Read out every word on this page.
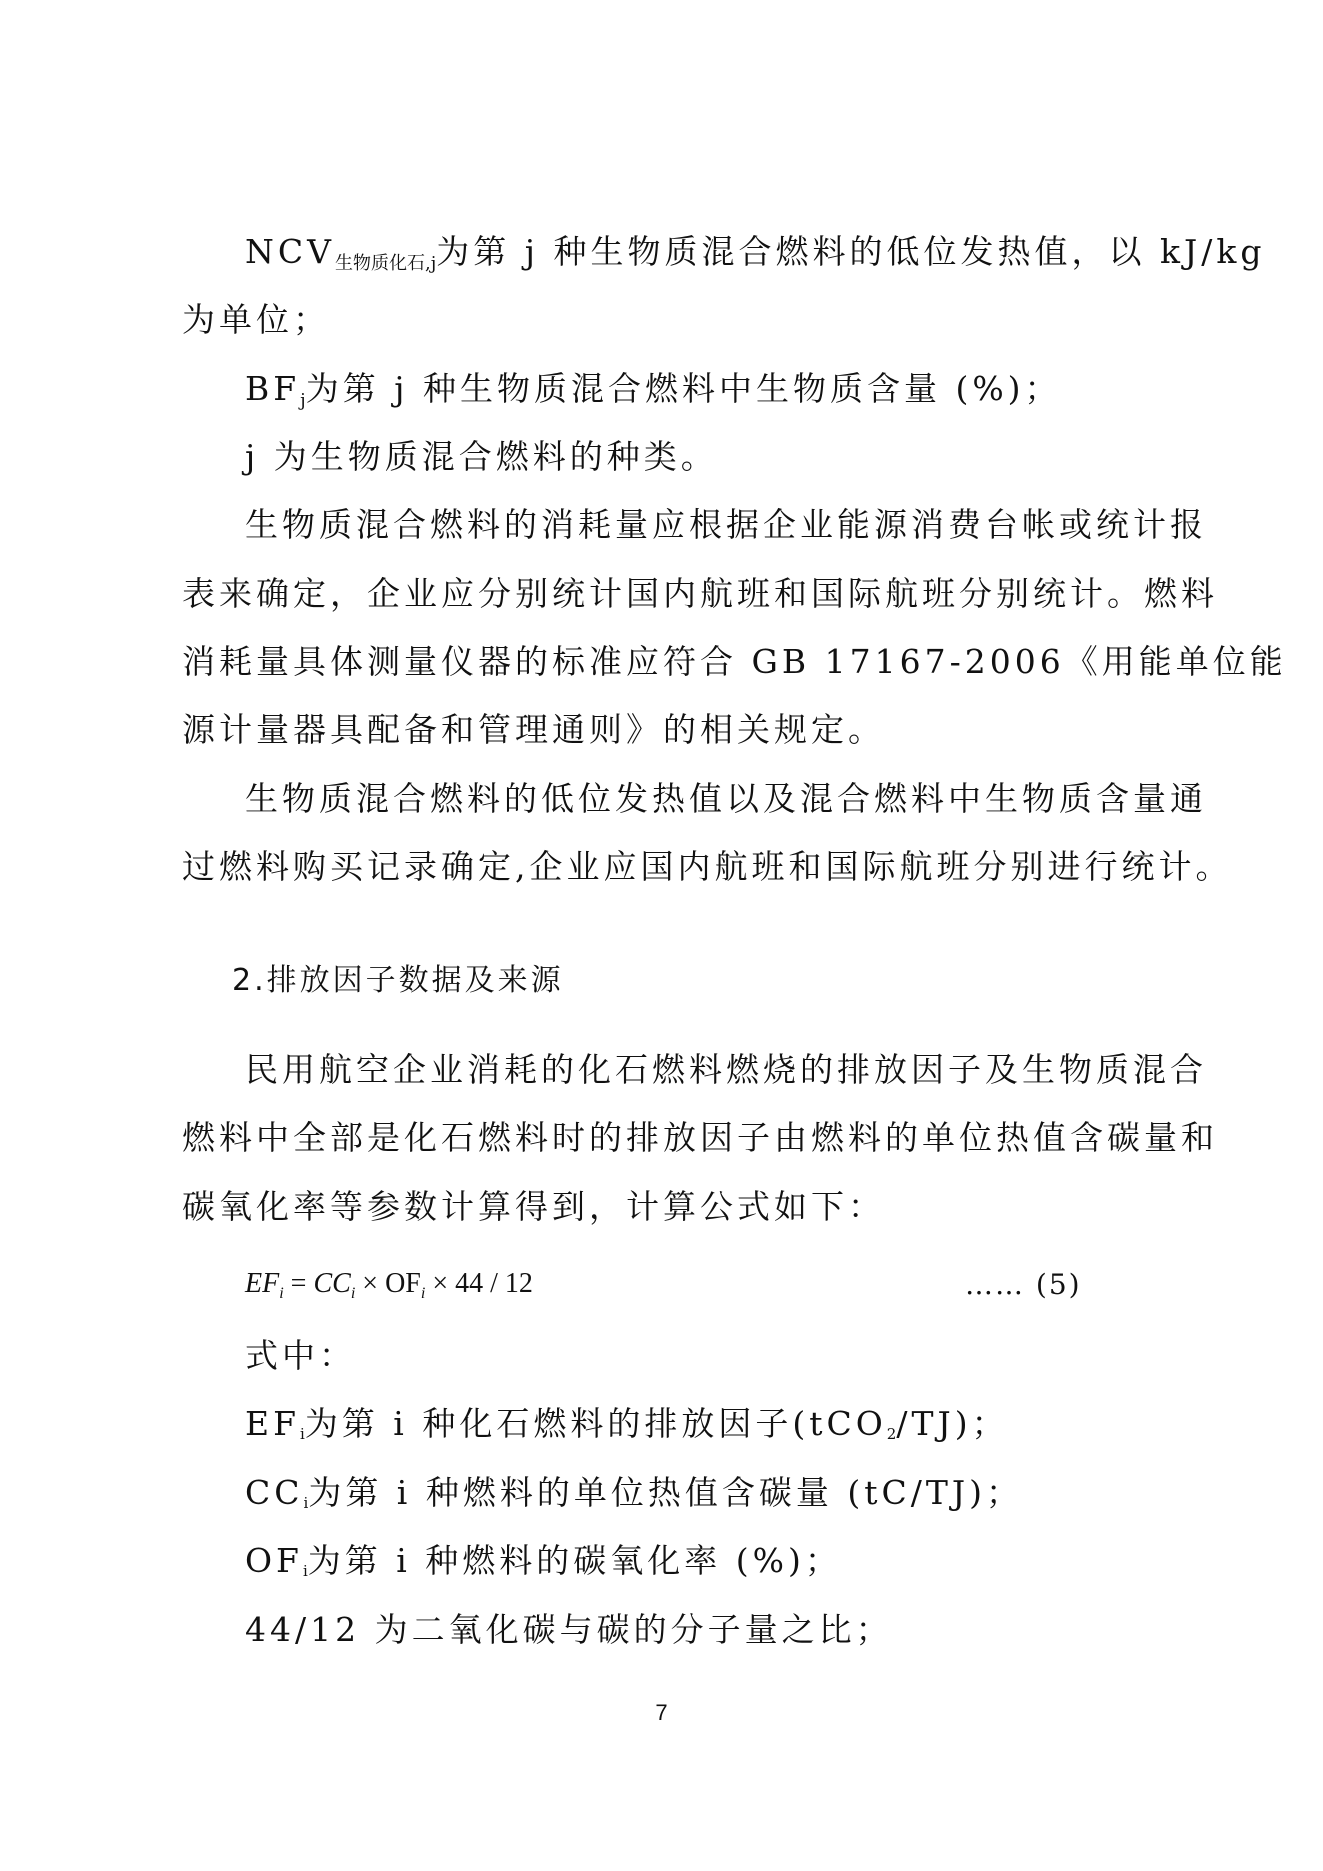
$NCV_{生物质化石,j}$为第 j 种生物质混合燃料的低位发热值，以 kJ/kg
为单位；
$BF_j$为第 j 种生物质混合燃料中生物质含量 (%)；
j 为生物质混合燃料的种类。
生物质混合燃料的消耗量应根据企业能源消费台帐或统计报
表来确定，企业应分别统计国内航班和国际航班分别统计。燃料
消耗量具体测量仪器的标准应符合 GB 17167-2006《用能单位能
源计量器具配备和管理通则》的相关规定。
生物质混合燃料的低位发热值以及混合燃料中生物质含量通
过燃料购买记录确定,企业应国内航班和国际航班分别进行统计。
2.排放因子数据及来源
民用航空企业消耗的化石燃料燃烧的排放因子及生物质混合
燃料中全部是化石燃料时的排放因子由燃料的单位热值含碳量和
碳氧化率等参数计算得到，计算公式如下：
$EF_i = CC_i \times OF_i \times 44 / 12$	…… (5)
式中：
EFi为第 i 种化石燃料的排放因子(tCO2/TJ)；
CCi为第 i 种燃料的单位热值含碳量 (tC/TJ)；
OFi为第 i 种燃料的碳氧化率 (%)；
44/12 为二氧化碳与碳的分子量之比；
7
